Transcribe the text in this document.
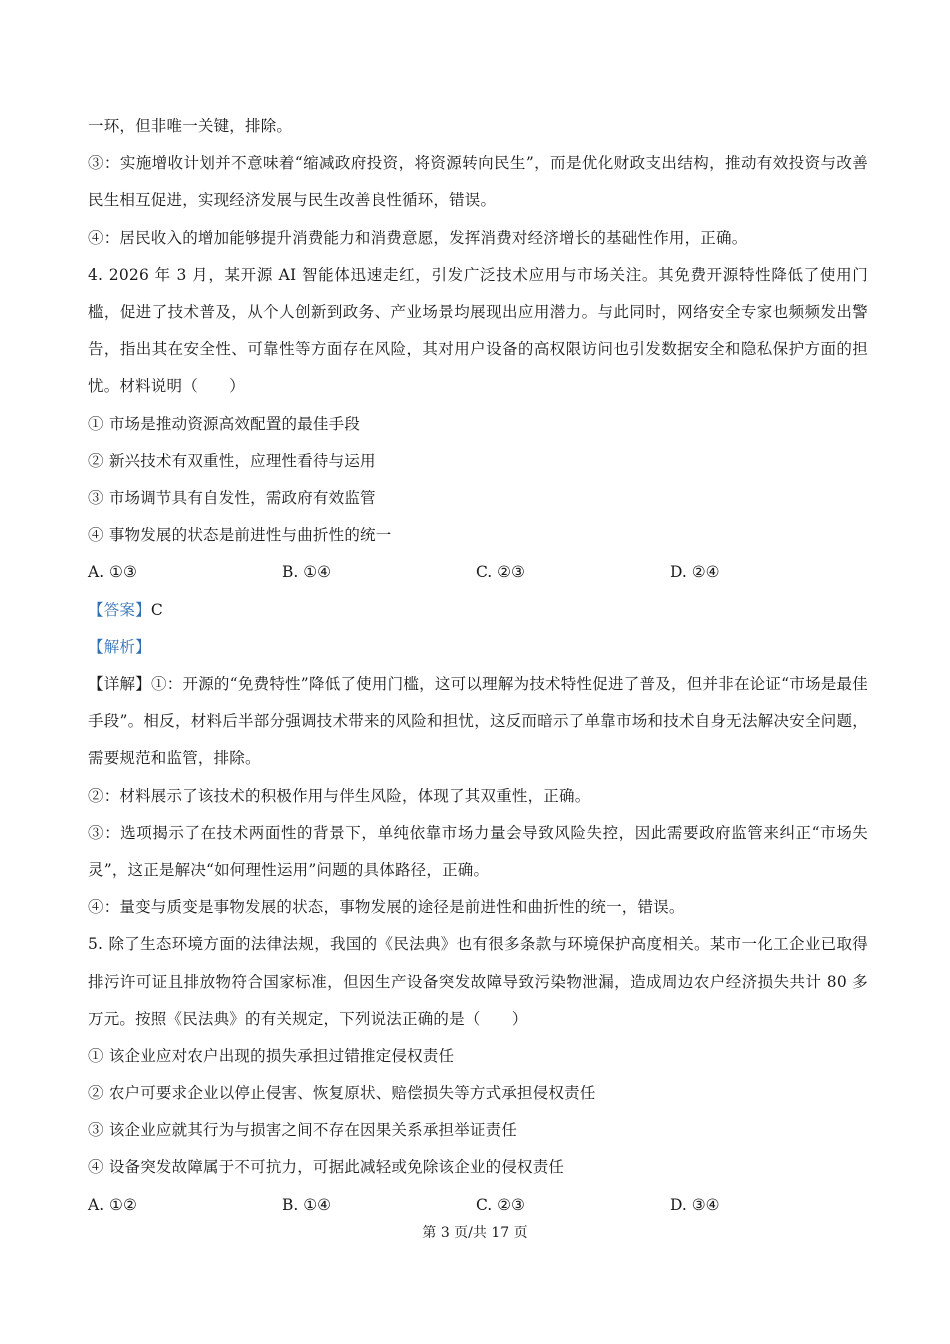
一环，但非唯一关键，排除。
③：实施增收计划并不意味着“缩减政府投资，将资源转向民生”，而是优化财政支出结构，推动有效投资与改善民生相互促进，实现经济发展与民生改善良性循环，错误。
④：居民收入的增加能够提升消费能力和消费意愿，发挥消费对经济增长的基础性作用，正确。
4. 2026 年 3 月，某开源 AI 智能体迅速走红，引发广泛技术应用与市场关注。其免费开源特性降低了使用门槛，促进了技术普及，从个人创新到政务、产业场景均展现出应用潜力。与此同时，网络安全专家也频频发出警告，指出其在安全性、可靠性等方面存在风险，其对用户设备的高权限访问也引发数据安全和隐私保护方面的担忧。材料说明（　　）
① 市场是推动资源高效配置的最佳手段
② 新兴技术有双重性，应理性看待与运用
③ 市场调节具有自发性，需政府有效监管
④ 事物发展的状态是前进性与曲折性的统一
A. ①③	B. ①④	C. ②③	D. ②④
【答案】C
【解析】
【详解】①：开源的“免费特性”降低了使用门槛，这可以理解为技术特性促进了普及，但并非在论证“市场是最佳手段”。相反，材料后半部分强调技术带来的风险和担忧，这反而暗示了单靠市场和技术自身无法解决安全问题，需要规范和监管，排除。
②：材料展示了该技术的积极作用与伴生风险，体现了其双重性，正确。
③：选项揭示了在技术两面性的背景下，单纯依靠市场力量会导致风险失控，因此需要政府监管来纠正“市场失灵”，这正是解决“如何理性运用”问题的具体路径，正确。
④：量变与质变是事物发展的状态，事物发展的途径是前进性和曲折性的统一，错误。
5. 除了生态环境方面的法律法规，我国的《民法典》也有很多条款与环境保护高度相关。某市一化工企业已取得排污许可证且排放物符合国家标准，但因生产设备突发故障导致污染物泄漏，造成周边农户经济损失共计 80 多万元。按照《民法典》的有关规定，下列说法正确的是（　　）
① 该企业应对农户出现的损失承担过错推定侵权责任
② 农户可要求企业以停止侵害、恢复原状、赔偿损失等方式承担侵权责任
③ 该企业应就其行为与损害之间不存在因果关系承担举证责任
④ 设备突发故障属于不可抗力，可据此减轻或免除该企业的侵权责任
A. ①②	B. ①④	C. ②③	D. ③④
第 3 页/共 17 页
